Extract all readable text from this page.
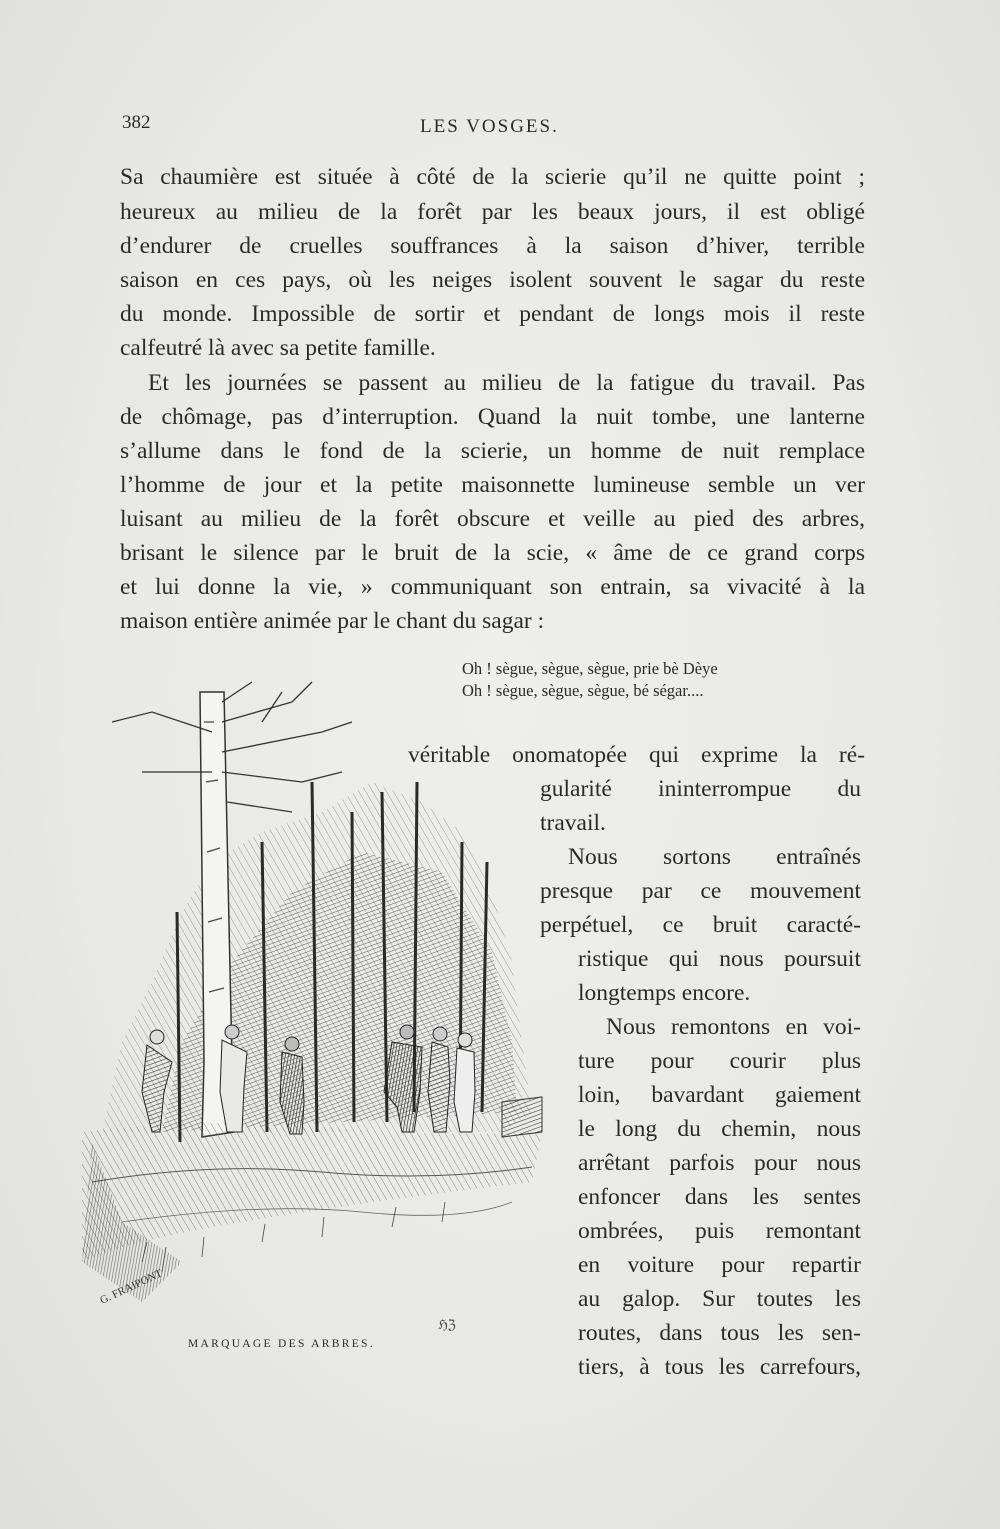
382	LES VOSGES.
Sa chaumière est située à côté de la scierie qu’il ne quitte point ;
heureux au milieu de la forêt par les beaux jours, il est obligé
d’endurer de cruelles souffrances à la saison d’hiver, terrible
saison en ces pays, où les neiges isolent souvent le sagar du reste
du monde. Impossible de sortir et pendant de longs mois il reste
calfeutré là avec sa petite famille.
Et les journées se passent au milieu de la fatigue du travail. Pas
de chômage, pas d’interruption. Quand la nuit tombe, une lanterne
s’allume dans le fond de la scierie, un homme de nuit remplace
l’homme de jour et la petite maisonnette lumineuse semble un ver
luisant au milieu de la forêt obscure et veille au pied des arbres,
brisant le silence par le bruit de la scie, « âme de ce grand corps
et lui donne la vie, » communiquant son entrain, sa vivacité à la
maison entière animée par le chant du sagar :
Oh ! sègue, sègue, sègue, prie bè Dèye
Oh ! sègue, sègue, sègue, bé ségar....
véritable onomatopée qui exprime la ré-
gularité ininterrompue du
travail.
Nous sortons entraînés
presque par ce mouvement
perpétuel, ce bruit caracté-
ristique qui nous poursuit
longtemps encore.
Nous remontons en voi-
ture pour courir plus
loin, bavardant gaiement
le long du chemin, nous
arrêtant parfois pour nous
enfoncer dans les sentes
ombrées, puis remontant
en voiture pour repartir
au galop. Sur toutes les
routes, dans tous les sen-
tiers, à tous les carrefours,
G. FRAIPONT
ℌℨ
MARQUAGE DES ARBRES.
